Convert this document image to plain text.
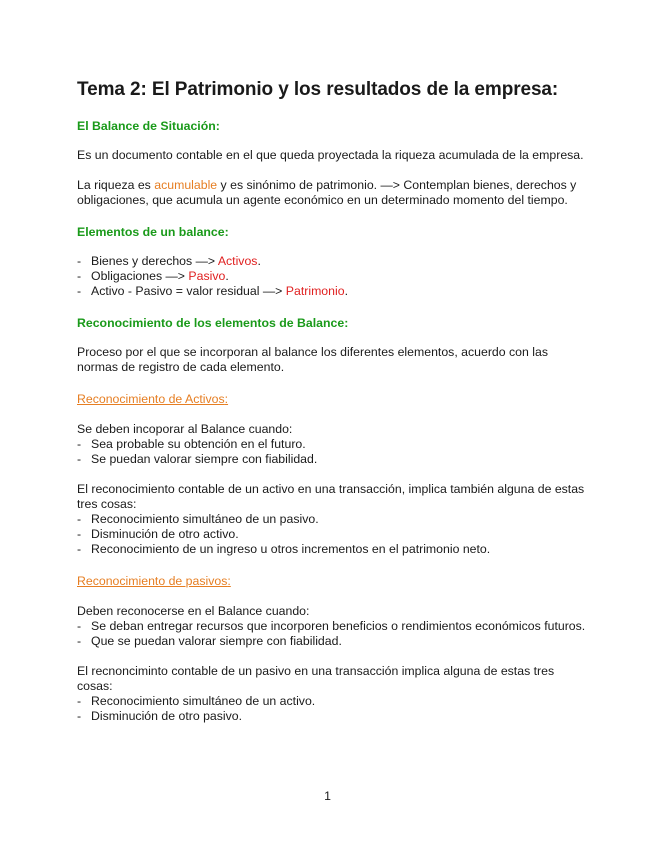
Tema 2: El Patrimonio y los resultados de la empresa:
El Balance de Situación:

Es un documento contable en el que queda proyectada la riqueza acumulada de la empresa.

La riqueza es acumulable y es sinónimo de patrimonio. —> Contemplan bienes, derechos y obligaciones, que acumula un agente económico en un determinado momento del tiempo.

Elementos de un balance:
- Bienes y derechos —> Activos.
- Obligaciones —> Pasivo.
- Activo - Pasivo = valor residual —> Patrimonio.
Reconocimiento de los elementos de Balance:

Proceso por el que se incorporan al balance los diferentes elementos, acuerdo con las normas de registro de cada elemento.

Reconocimiento de Activos:

Se deben incoporar al Balance cuando:

- Sea probable su obtención en el futuro.
- Se puedan valorar siempre con fiabilidad.

El reconocimiento contable de un activo en una transacción, implica también alguna de estas tres cosas:

- Reconocimiento simultáneo de un pasivo.
- Disminución de otro activo.
- Reconocimiento de un ingreso u otros incrementos en el patrimonio neto.
Reconocimiento de pasivos:

Deben reconocerse en el Balance cuando:

- Se deban entregar recursos que incorporen beneficios o rendimientos económicos futuros.
- Que se puedan valorar siempre con fiabilidad.

El recnonciminto contable de un pasivo en una transacción implica alguna de estas tres cosas:

- Reconocimiento simultáneo de un activo.
- Disminución de otro pasivo.
1
